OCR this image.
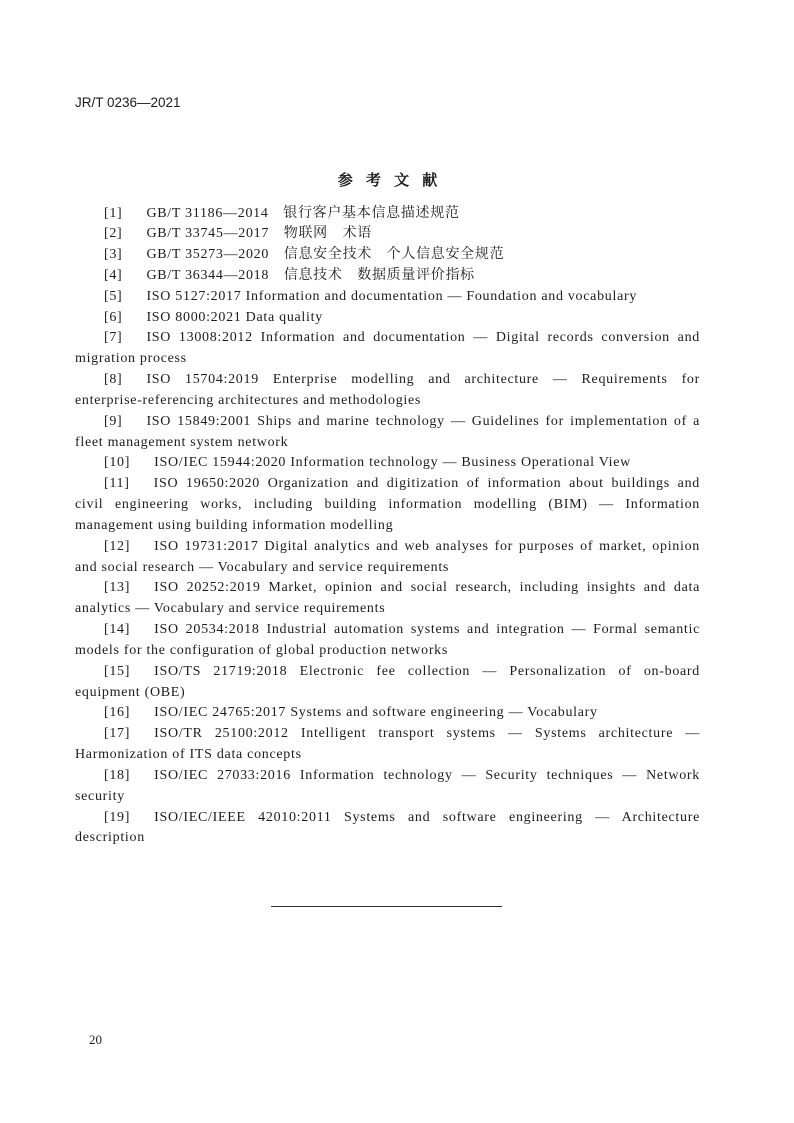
JR/T 0236—2021
参 考 文 献
[1] GB/T 31186—2014　银行客户基本信息描述规范
[2] GB/T 33745—2017　物联网　术语
[3] GB/T 35273—2020　信息安全技术　个人信息安全规范
[4] GB/T 36344—2018　信息技术　数据质量评价指标
[5] ISO 5127:2017 Information and documentation — Foundation and vocabulary
[6] ISO 8000:2021 Data quality
[7] ISO 13008:2012 Information and documentation — Digital records conversion and
migration process
[8] ISO 15704:2019 Enterprise modelling and architecture — Requirements for
enterprise-referencing architectures and methodologies
[9] ISO 15849:2001 Ships and marine technology — Guidelines for implementation of a
fleet management system network
[10] ISO/IEC 15944:2020 Information technology — Business Operational View
[11] ISO 19650:2020 Organization and digitization of information about buildings and
civil engineering works, including building information modelling (BIM) — Information
management using building information modelling
[12] ISO 19731:2017 Digital analytics and web analyses for purposes of market, opinion
and social research — Vocabulary and service requirements
[13] ISO 20252:2019 Market, opinion and social research, including insights and data
analytics — Vocabulary and service requirements
[14] ISO 20534:2018 Industrial automation systems and integration — Formal semantic
models for the configuration of global production networks
[15] ISO/TS 21719:2018 Electronic fee collection — Personalization of on-board
equipment (OBE)
[16] ISO/IEC 24765:2017 Systems and software engineering — Vocabulary
[17] ISO/TR 25100:2012 Intelligent transport systems — Systems architecture —
Harmonization of ITS data concepts
[18] ISO/IEC 27033:2016 Information technology — Security techniques — Network
security
[19] ISO/IEC/IEEE 42010:2011 Systems and software engineering — Architecture
description
20
